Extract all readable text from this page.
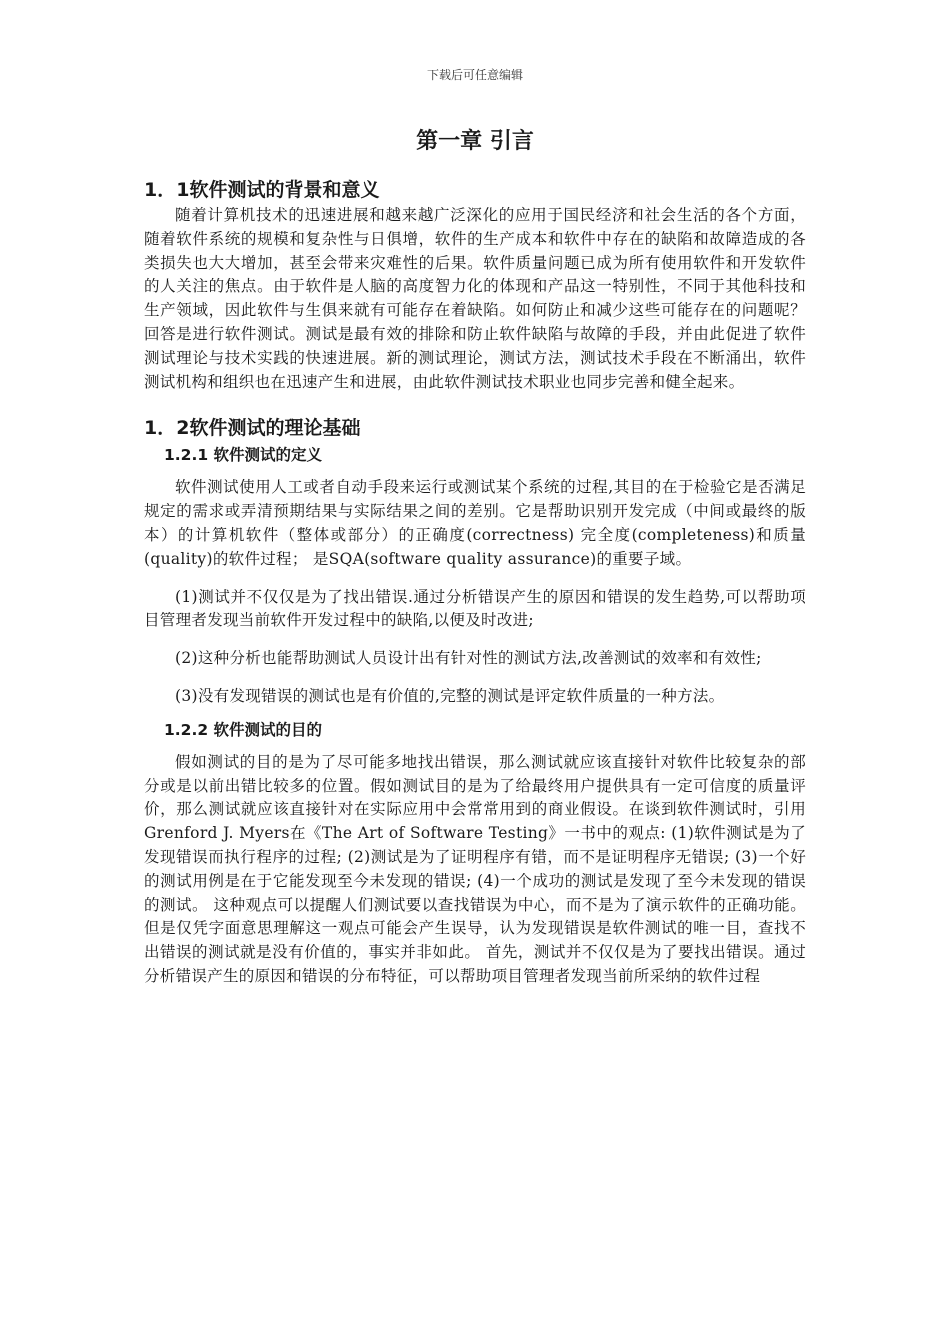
下载后可任意编辑
第一章 引言
1．1软件测试的背景和意义

随着计算机技术的迅速进展和越来越广泛深化的应用于国民经济和社会生活的各个方面，随着软件系统的规模和复杂性与日俱增，软件的生产成本和软件中存在的缺陷和故障造成的各类损失也大大增加，甚至会带来灾难性的后果。软件质量问题已成为所有使用软件和开发软件的人关注的焦点。由于软件是人脑的高度智力化的体现和产品这一特别性，不同于其他科技和生产领域，因此软件与生俱来就有可能存在着缺陷。如何防止和减少这些可能存在的问题呢？回答是进行软件测试。测试是最有效的排除和防止软件缺陷与故障的手段，并由此促进了软件测试理论与技术实践的快速进展。新的测试理论，测试方法，测试技术手段在不断涌出，软件测试机构和组织也在迅速产生和进展，由此软件测试技术职业也同步完善和健全起来。

1．2软件测试的理论基础
1.2.1 软件测试的定义

软件测试使用人工或者自动手段来运行或测试某个系统的过程,其目的在于检验它是否满足规定的需求或弄清预期结果与实际结果之间的差别。它是帮助识别开发完成（中间或最终的版本）的计算机软件（整体或部分）的正确度(correctness) 完全度(completeness)和质量(quality)的软件过程； 是SQA(software quality assurance)的重要子域。

(1)测试并不仅仅是为了找出错误.通过分析错误产生的原因和错误的发生趋势,可以帮助项目管理者发现当前软件开发过程中的缺陷,以便及时改进;

(2)这种分析也能帮助测试人员设计出有针对性的测试方法,改善测试的效率和有效性;

(3)没有发现错误的测试也是有价值的,完整的测试是评定软件质量的一种方法。

1.2.2 软件测试的目的

假如测试的目的是为了尽可能多地找出错误，那么测试就应该直接针对软件比较复杂的部分或是以前出错比较多的位置。假如测试目的是为了给最终用户提供具有一定可信度的质量评价，那么测试就应该直接针对在实际应用中会常常用到的商业假设。在谈到软件测试时，引用Grenford J. Myers在《The Art of Software Testing》一书中的观点: (1)软件测试是为了发现错误而执行程序的过程; (2)测试是为了证明程序有错，而不是证明程序无错误; (3)一个好的测试用例是在于它能发现至今未发现的错误; (4)一个成功的测试是发现了至今未发现的错误的测试。 这种观点可以提醒人们测试要以查找错误为中心，而不是为了演示软件的正确功能。但是仅凭字面意思理解这一观点可能会产生误导，认为发现错误是软件测试的唯一目，查找不出错误的测试就是没有价值的，事实并非如此。 首先，测试并不仅仅是为了要找出错误。通过分析错误产生的原因和错误的分布特征，可以帮助项目管理者发现当前所采纳的软件过程
